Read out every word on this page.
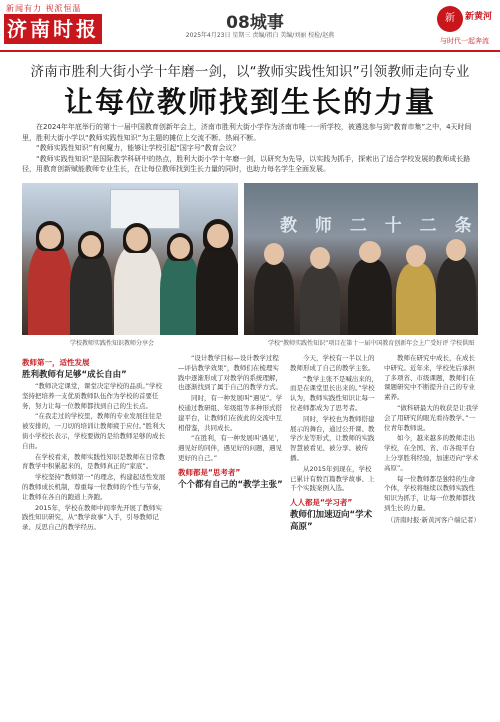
新闻有力 视派恒温
济南时报	08城事
2025年4月23日 星期三 责编/祖白 美编/刘丽 校检/赵燕
新	新黄河
与时代一起奔流
济南市胜利大街小学十年磨一剑，以“教师实践性知识”引领教师走向专业
让每位教师找到生长的力量

在2024年年底举行的第十一届中国教育创新年会上，济南市胜利大街小学作为济南市唯一一所学校，被遴选参与到“教育市集”之中，4天时间里，胜利大街小学以“教师实践性知识”为主题的摊位上交流不断、热闹不断。

“教师实践性知识”有何魔力，能够让学校引起“国字号”教育会议？

“教师实践性知识”是国际教学科研中的热点，胜利大街小学十年磨一剑，以研究为先导，以实践为抓手，探索出了适合学校发展的教师成长路径，用教育创新赋能教师专业生长，在让每位教师找到生长力量的同时，也助力每名学生全面发展。

学校教师实践性知识教师分享会
教 师 二 十 二 条
学校“教师实践性知识”项目在第十一届中国教育创新年会上广受好评 学校供图

教师第一，适性发展

胜利教师有足够“成长自由”

“教师决定课堂，课堂决定学校的品质。”学校坚持把培养一支优质教师队伍作为学校的首要任务，努力让每一位教师都找到自己的生长点。

“在我走过的学校里，教师的专业发展往往是被安排的，一刀切的培训让教师疲于应付。”胜利大街小学校长表示，学校要做的是给教师足够的成长自由。

在学校看来，教师实践性知识是教师在日常教育教学中积累起来的，是教师真正的“家底”。

学校坚持“教师第一”的理念，构建起适性发展的教师成长机制，尊重每一位教师的个性与节奏，让教师在各自的跑道上奔跑。

2015年，学校在教师中间率先开展了教师实践性知识研究，从“教学故事”入手，引导教师记录、反思自己的教学经历。

“设计教学目标—设计教学过程—评估教学效果”，教师们在梳理实践中逐渐形成了对教学的系统理解，也逐渐找到了属于自己的教学方式。

同时，有一种发展叫“遇见”。学校通过教研组、年级组等多种形式搭建平台，让教师们在彼此的交流中互相借鉴，共同成长。

“在胜利，有一种发展叫‘遇见’，遇见好的同伴，遇见好的问题，遇见更好的自己。”

教师都是“思考者”

个个都有自己的“教学主张”

今天，学校有一半以上的教师形成了自己的教学主张。

“教学主张不是喊出来的，而是在课堂里长出来的。”学校认为，教师实践性知识让每一位老师都成为了思考者。

同时，学校也为教师搭建展示的舞台，通过公开课、教学沙龙等形式，让教师的实践智慧被看见、被分享、被传播。

从2015年到现在，学校已累计有数百篇教学故事、上千个实践案例入选。

人人都是“学习者”

教师们加速迈向“学术高原”

教师在研究中成长，在成长中研究。近年来，学校先后承担了多项省、市级课题，教师们在课题研究中不断提升自己的专业素养。

“做科研最大的收获是让我学会了用研究的眼光看待教学。”一位青年教师说。

如今，越来越多的教师走出学校，在全国、省、市各级平台上分享胜利经验，加速迈向“学术高原”。

每一位教师都是独特的生命个体，学校将继续以教师实践性知识为抓手，让每一位教师都找到生长的力量。

（济南时报·新黄河客户端记者）
